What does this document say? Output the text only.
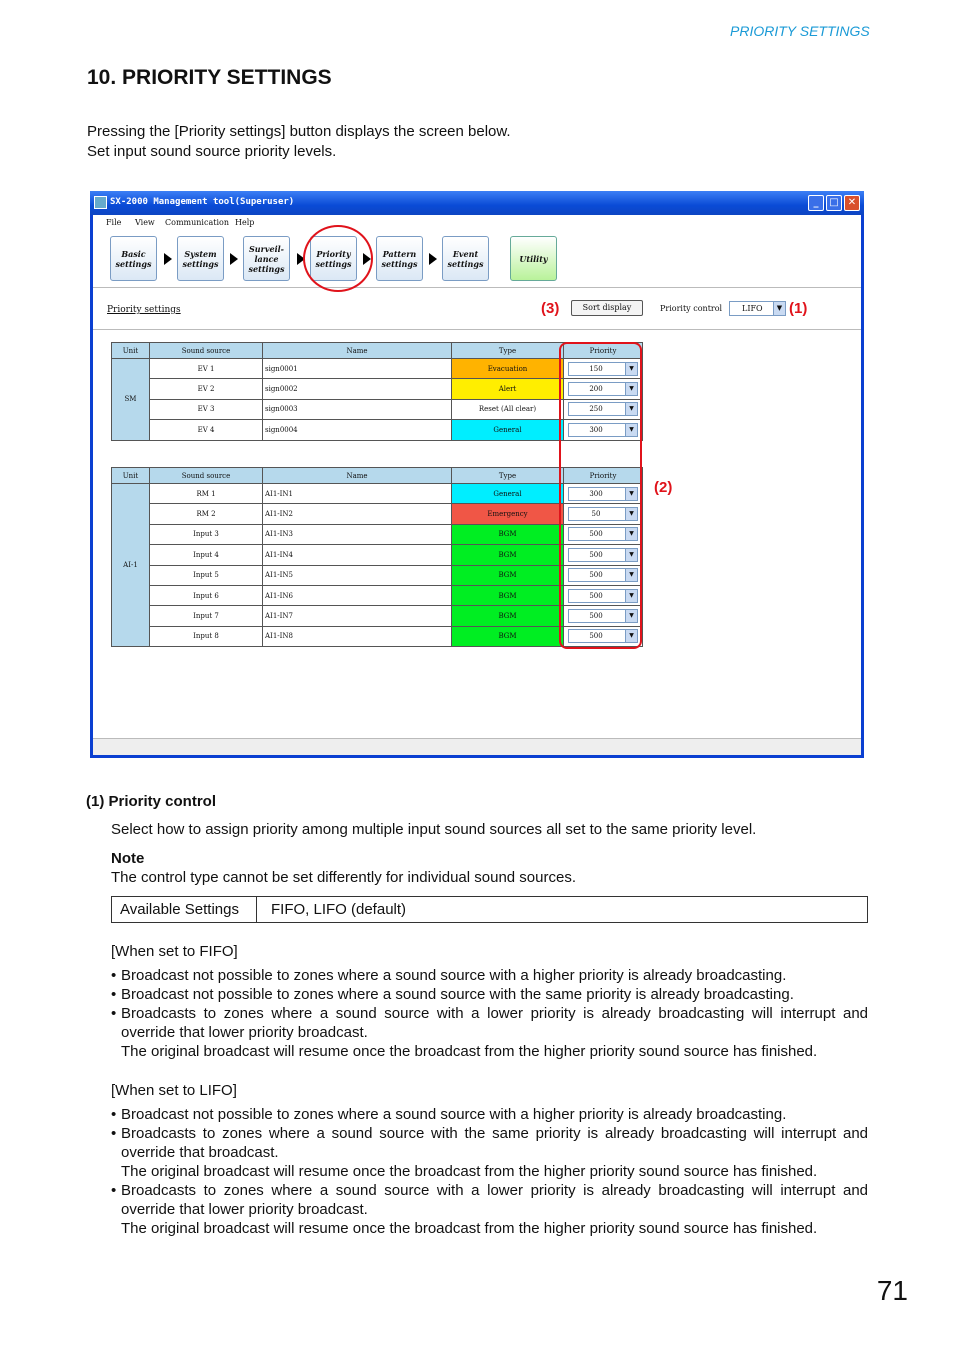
PRIORITY SETTINGS
10. PRIORITY SETTINGS
Pressing the [Priority settings] button displays the screen below.
Set input sound source priority levels.
SX-2000 Management tool(Superuser)	_	□ ✕
File View Communication Help
Basic
settings
System
settings
Surveil-
lance
settings
Priority
settings
Pattern
settings
Event
settings	Utility
Priority settings	Sort display	Priority control	LIFO	▼
Unit	Sound source	Name	Type	Priority
SM	EV 1	sign0001	Evacuation	150 ▼

	EV 2	sign0002	Alert	200 ▼

	EV 3	sign0003	Reset (All clear)	250 ▼

	EV 4	sign0004	General	300 ▼
Unit	Sound source	Name	Type	Priority
AI-1	RM 1	AI1-IN1	General	300 ▼

	RM 2	AI1-IN2	Emergency	50 ▼

	Input 3	AI1-IN3	BGM	500 ▼

	Input 4	AI1-IN4	BGM	500 ▼

	Input 5	AI1-IN5	BGM	500 ▼

	Input 6	AI1-IN6	BGM	500 ▼

	Input 7	AI1-IN7	BGM	500 ▼

	Input 8	AI1-IN8	BGM	500 ▼
(3)	(1)
(2)
(1) Priority control
Select how to assign priority among multiple input sound sources all set to the same priority level.
Note
The control type cannot be set differently for individual sound sources.
Available Settings	FIFO, LIFO (default)
[When set to FIFO]
• Broadcast not possible to zones where a sound source with a higher priority is already broadcasting.
• Broadcast not possible to zones where a sound source with the same priority is already broadcasting.
• Broadcasts to zones where a sound source with a lower priority is already broadcasting will interrupt and override that lower priority broadcast.
The original broadcast will resume once the broadcast from the higher priority sound source has finished.
[When set to LIFO]
• Broadcast not possible to zones where a sound source with a higher priority is already broadcasting.
• Broadcasts to zones where a sound source with the same priority is already broadcasting will interrupt and override that broadcast.
The original broadcast will resume once the broadcast from the higher priority sound source has finished.
• Broadcasts to zones where a sound source with a lower priority is already broadcasting will interrupt and override that lower priority broadcast.
The original broadcast will resume once the broadcast from the higher priority sound source has finished.
71
